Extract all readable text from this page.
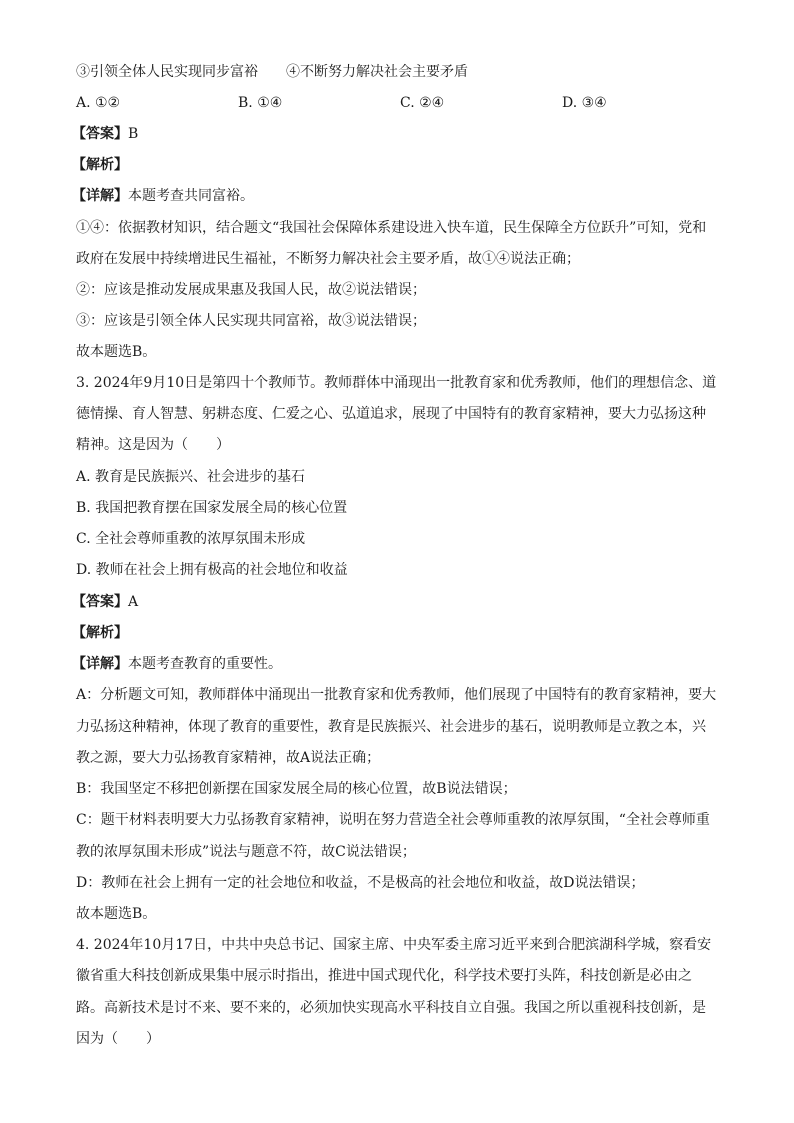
③引领全体人民实现同步富裕 ④不断努力解决社会主要矛盾
A. ①②	B. ①④	C. ②④	D. ③④
【答案】B
【解析】
【详解】本题考查共同富裕。
①④：依据教材知识，结合题文“我国社会保障体系建设进入快车道，民生保障全方位跃升”可知，党和
政府在发展中持续增进民生福祉，不断努力解决社会主要矛盾，故①④说法正确；
②：应该是推动发展成果惠及我国人民，故②说法错误；
③：应该是引领全体人民实现共同富裕，故③说法错误；
故本题选B。
3. 2024年9月10日是第四十个教师节。教师群体中涌现出一批教育家和优秀教师，他们的理想信念、道
德情操、育人智慧、躬耕态度、仁爱之心、弘道追求，展现了中国特有的教育家精神，要大力弘扬这种
精神。这是因为（　　）
A. 教育是民族振兴、社会进步的基石
B. 我国把教育摆在国家发展全局的核心位置
C. 全社会尊师重教的浓厚氛围未形成
D. 教师在社会上拥有极高的社会地位和收益
【答案】A
【解析】
【详解】本题考查教育的重要性。
A：分析题文可知，教师群体中涌现出一批教育家和优秀教师，他们展现了中国特有的教育家精神，要大
力弘扬这种精神，体现了教育的重要性，教育是民族振兴、社会进步的基石，说明教师是立教之本，兴
教之源，要大力弘扬教育家精神，故A说法正确；
B：我国坚定不移把创新摆在国家发展全局的核心位置，故B说法错误；
C：题干材料表明要大力弘扬教育家精神，说明在努力营造全社会尊师重教的浓厚氛围，“全社会尊师重
教的浓厚氛围未形成”说法与题意不符，故C说法错误；
D：教师在社会上拥有一定的社会地位和收益，不是极高的社会地位和收益，故D说法错误；
故本题选B。
4. 2024年10月17日，中共中央总书记、国家主席、中央军委主席习近平来到合肥滨湖科学城，察看安
徽省重大科技创新成果集中展示时指出，推进中国式现代化，科学技术要打头阵，科技创新是必由之
路。高新技术是讨不来、要不来的，必须加快实现高水平科技自立自强。我国之所以重视科技创新，是
因为（　　）
